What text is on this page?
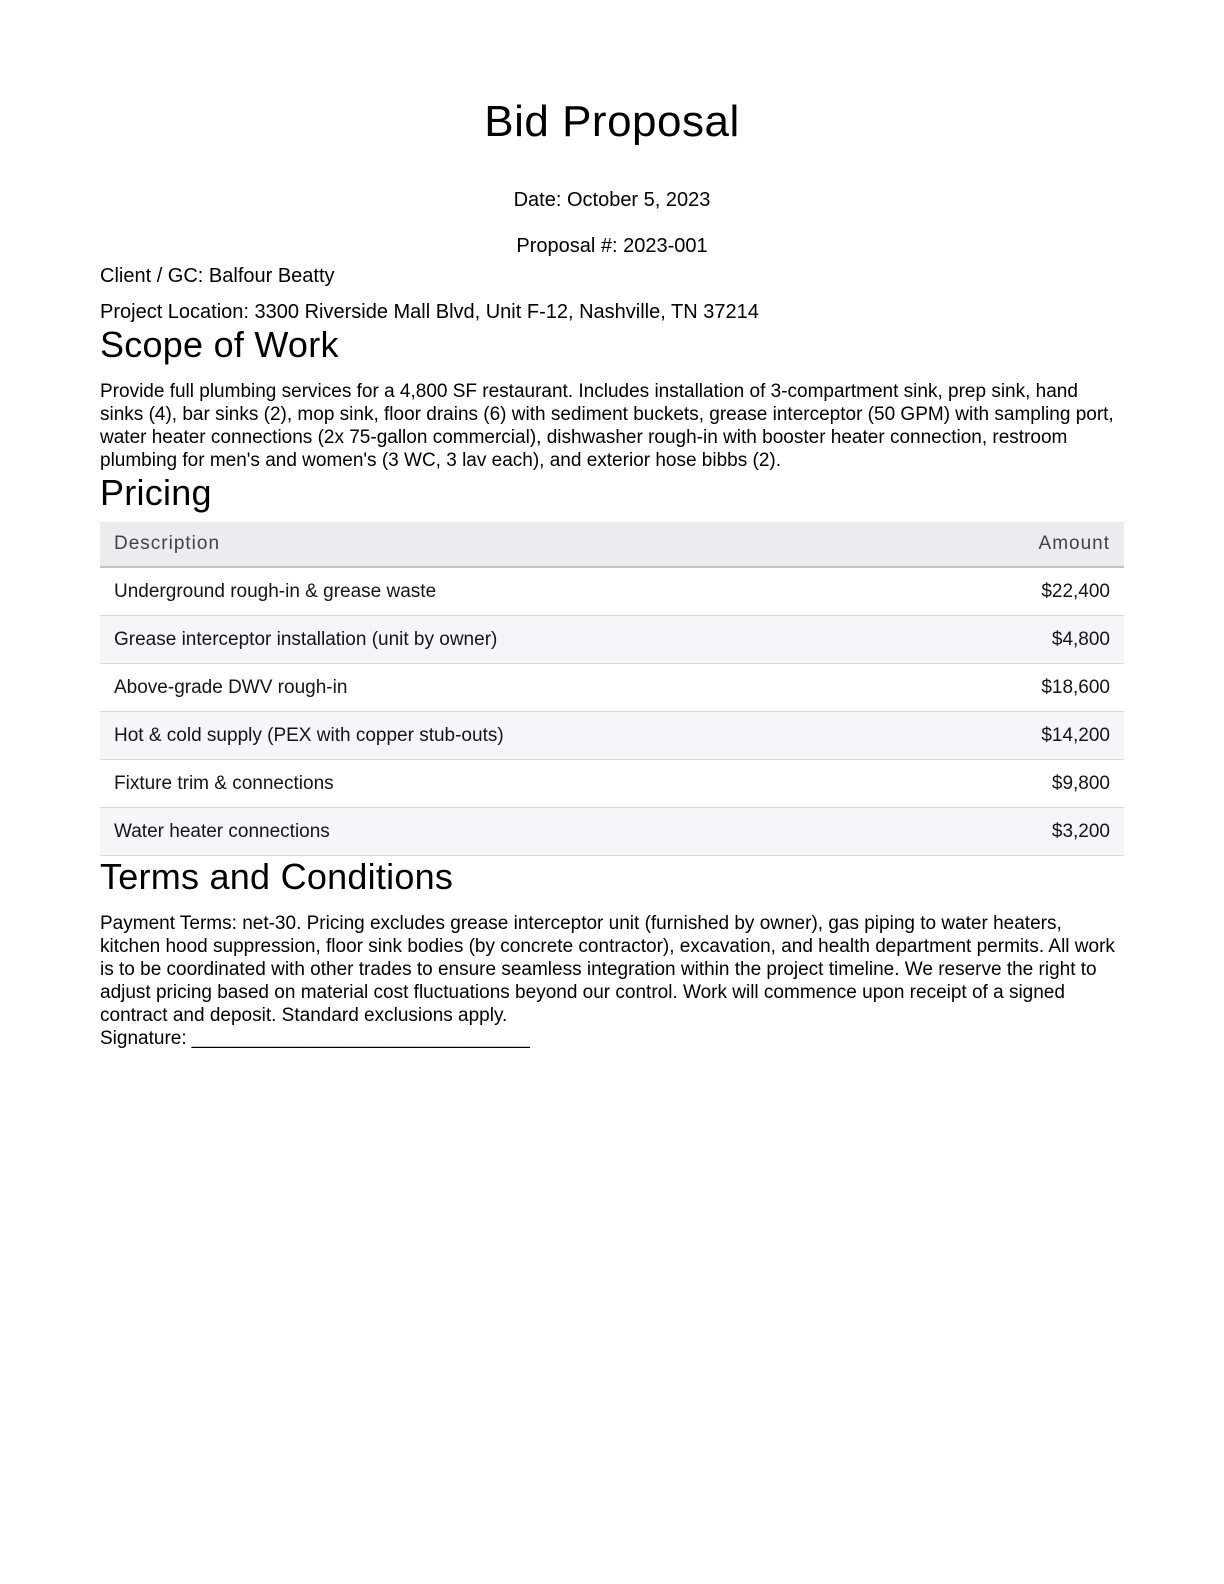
Bid Proposal

Date: October 5, 2023

Proposal #: 2023-001

Client / GC: Balfour Beatty

Project Location: 3300 Riverside Mall Blvd, Unit F-12, Nashville, TN 37214

Scope of Work

Provide full plumbing services for a 4,800 SF restaurant. Includes installation of 3-compartment sink, prep sink, hand sinks (4), bar sinks (2), mop sink, floor drains (6) with sediment buckets, grease interceptor (50 GPM) with sampling port, water heater connections (2x 75-gallon commercial), dishwasher rough-in with booster heater connection, restroom plumbing for men's and women's (3 WC, 3 lav each), and exterior hose bibbs (2).

Pricing
Description	Amount
Underground rough-in & grease waste	$22,400
Grease interceptor installation (unit by owner)	$4,800
Above-grade DWV rough-in	$18,600
Hot & cold supply (PEX with copper stub-outs)	$14,200
Fixture trim & connections	$9,800
Water heater connections	$3,200
Terms and Conditions

Payment Terms: net-30. Pricing excludes grease interceptor unit (furnished by owner), gas piping to water heaters, kitchen hood suppression, floor sink bodies (by concrete contractor), excavation, and health department permits. All work is to be coordinated with other trades to ensure seamless integration within the project timeline. We reserve the right to adjust pricing based on material cost fluctuations beyond our control. Work will commence upon receipt of a signed contract and deposit. Standard exclusions apply.

Signature: ________________________________
